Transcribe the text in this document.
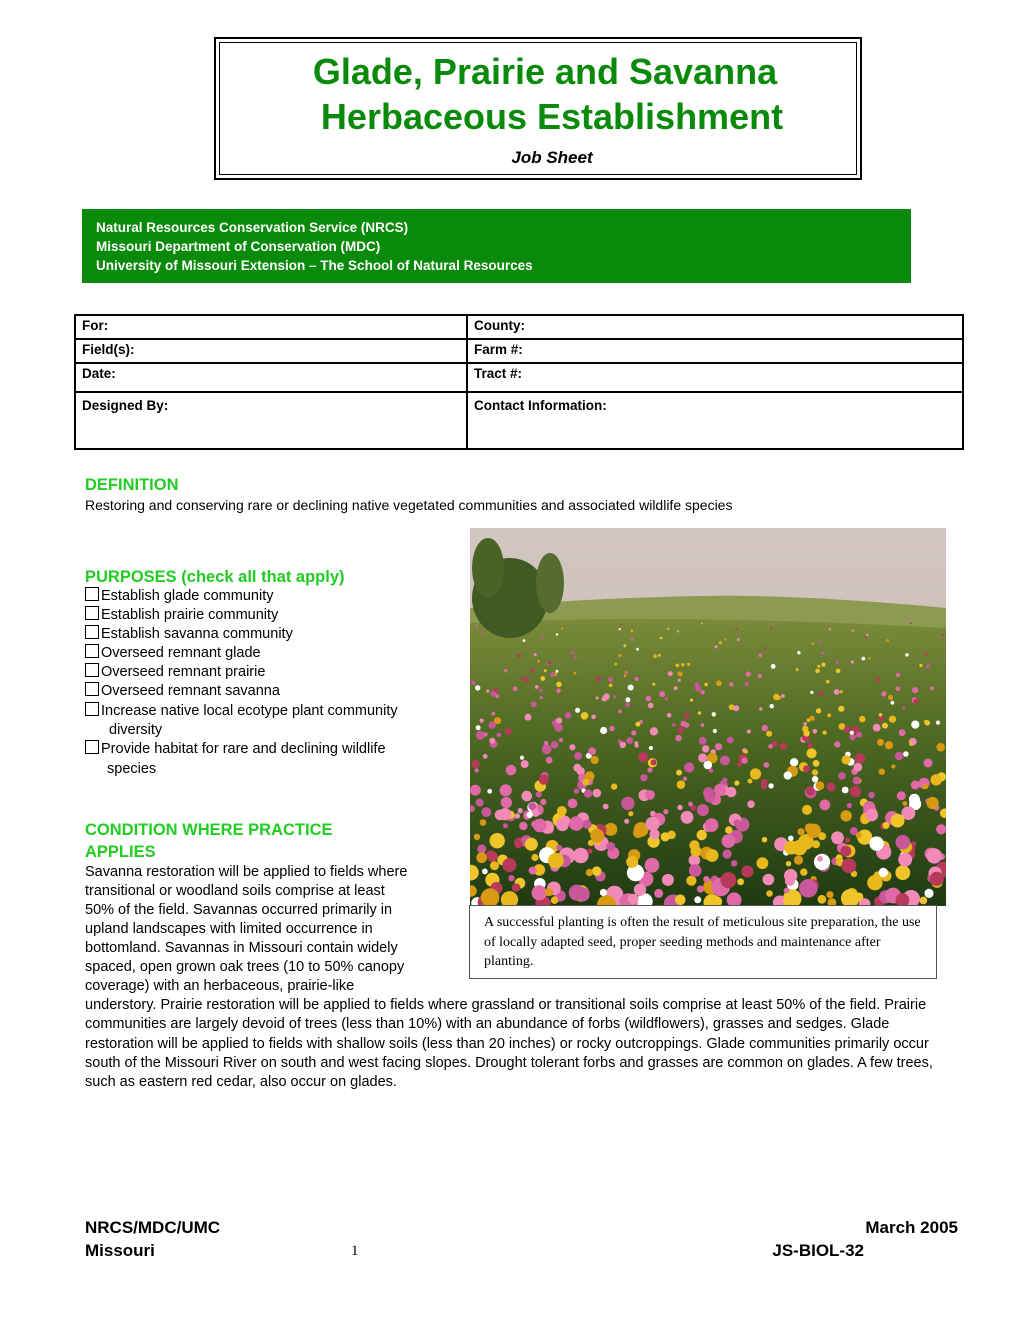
Glade, Prairie and Savanna
Herbaceous Establishment
Job Sheet
Natural Resources Conservation Service (NRCS)
Missouri Department of Conservation (MDC)
University of Missouri Extension – The School of Natural Resources
For:	County:
Field(s):	Farm #:
Date:	Tract #:
Designed By:	Contact Information:
DEFINITION
Restoring and conserving rare or declining native vegetated communities and associated wildlife species
PURPOSES (check all that apply)
Establish glade community
Establish prairie community
Establish savanna community
Overseed remnant glade
Overseed remnant prairie
Overseed remnant savanna
Increase native local ecotype plant community
diversity
Provide habitat for rare and declining wildlife
species
CONDITION WHERE PRACTICE
APPLIES
Savanna restoration will be applied to fields where
transitional or woodland soils comprise at least
50% of the field. Savannas occurred primarily in
upland landscapes with limited occurrence in
bottomland. Savannas in Missouri contain widely
spaced, open grown oak trees (10 to 50% canopy
coverage) with an herbaceous, prairie-like
understory. Prairie restoration will be applied to fields where grassland or transitional soils comprise at least 50% of the field. Prairie communities are largely devoid of trees (less than 10%) with an abundance of forbs (wildflowers), grasses and sedges. Glade restoration will be applied to fields with shallow soils (less than 20 inches) or rocky outcroppings. Glade communities primarily occur south of the Missouri River on south and west facing slopes. Drought tolerant forbs and grasses are common on glades. A few trees, such as eastern red cedar, also occur on glades.
A successful planting is often the result of meticulous site preparation, the use of locally adapted seed, proper seeding methods and maintenance after planting.
NRCS/MDC/UMC
Missouri	1
March 2005
JS-BIOL-32
